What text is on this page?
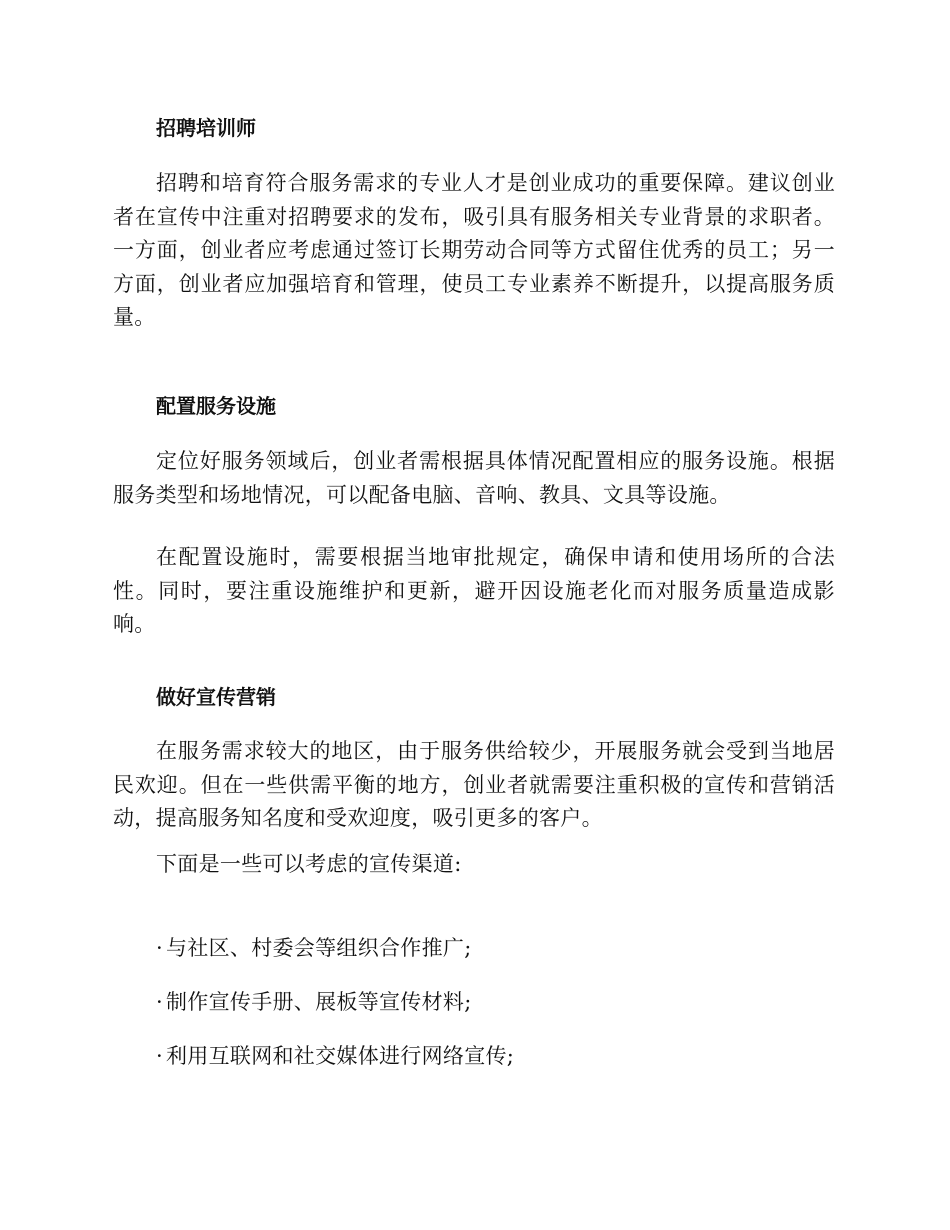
招聘培训师

招聘和培育符合服务需求的专业人才是创业成功的重要保障。建议创业者在宣传中注重对招聘要求的发布，吸引具有服务相关专业背景的求职者。一方面，创业者应考虑通过签订长期劳动合同等方式留住优秀的员工；另一方面，创业者应加强培育和管理，使员工专业素养不断提升，以提高服务质量。

配置服务设施

定位好服务领域后，创业者需根据具体情况配置相应的服务设施。根据服务类型和场地情况，可以配备电脑、音响、教具、文具等设施。

在配置设施时，需要根据当地审批规定，确保申请和使用场所的合法性。同时，要注重设施维护和更新，避开因设施老化而对服务质量造成影响。

做好宣传营销

在服务需求较大的地区，由于服务供给较少，开展服务就会受到当地居民欢迎。但在一些供需平衡的地方，创业者就需要注重积极的宣传和营销活动，提高服务知名度和受欢迎度，吸引更多的客户。

下面是一些可以考虑的宣传渠道:

· 与社区、村委会等组织合作推广;

· 制作宣传手册、展板等宣传材料;

· 利用互联网和社交媒体进行网络宣传;
